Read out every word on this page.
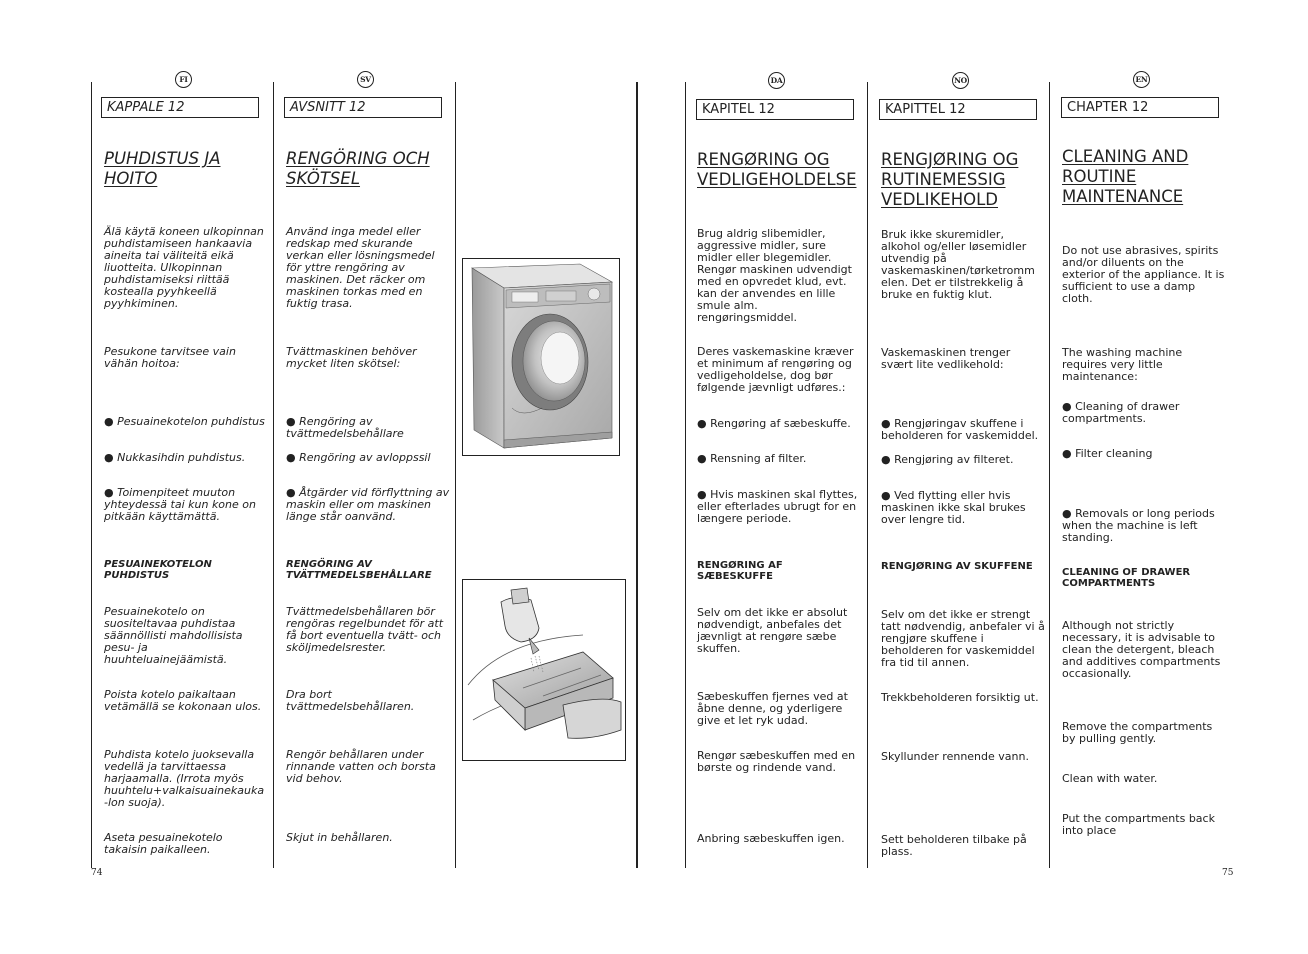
FI
KAPPALE 12
PUHDISTUS JA HOITO

Älä käytä koneen ulkopinnan puhdistamiseen hankaavia aineita tai väliteitä eikä liuotteita. Ulkopinnan puhdistamiseksi riittää kostealla pyyhkeellä pyyhkiminen.

Pesukone tarvitsee vain vähän hoitoa:

● Pesuainekotelon puhdistus

● Nukkasihdin puhdistus.

● Toimenpiteet muuton yhteydessä tai kun kone on pitkään käyttämättä.

PESUAINEKOTELON PUHDISTUS

Pesuainekotelo on suositeltavaa puhdistaa säännöllisti mahdollisista pesu- ja huuhteluainejäämistä.

Poista kotelo paikaltaan vetämällä se kokonaan ulos.

Puhdista kotelo juoksevalla vedellä ja tarvittaessa harjaamalla. (Irrota myös huuhtelu+valkaisuainekauka -lon suoja).

Aseta pesuainekotelo takaisin paikalleen.

SV
AVSNITT 12
RENGÖRING OCH SKÖTSEL

Använd inga medel eller redskap med skurande verkan eller lösningsmedel för yttre rengöring av maskinen. Det räcker om maskinen torkas med en fuktig trasa.

Tvättmaskinen behöver mycket liten skötsel:

● Rengöring av tvättmedelsbehållare

● Rengöring av avloppssil

● Åtgärder vid förflyttning av maskin eller om maskinen länge står oanvänd.

RENGÖRING AV TVÄTTMEDELSBEHÅLLARE

Tvättmedelsbehållaren bör rengöras regelbundet för att få bort eventuella tvätt- och sköljmedelsrester.

Dra bort tvättmedelsbehållaren.

Rengör behållaren under rinnande vatten och borsta vid behov.

Skjut in behållaren.

DA
KAPITEL 12
RENGØRING OG VEDLIGEHOLDELSE

Brug aldrig slibemidler, aggressive midler, sure midler eller blegemidler. Rengør maskinen udvendigt med en opvredet klud, evt. kan der anvendes en lille smule alm. rengøringsmiddel.

Deres vaskemaskine kræver et minimum af rengøring og vedligeholdelse, dog bør følgende jævnligt udføres.:

● Rengøring af sæbeskuffe.

● Rensning af filter.

● Hvis maskinen skal flyttes, eller efterlades ubrugt for en længere periode.

RENGØRING AF SÆBESKUFFE

Selv om det ikke er absolut nødvendigt, anbefales det jævnligt at rengøre sæbe skuffen.

Sæbeskuffen fjernes ved at åbne denne, og yderligere give et let ryk udad.

Rengør sæbeskuffen med en børste og rindende vand.

Anbring sæbeskuffen igen.

NO
KAPITTEL 12
RENGJØRING OG RUTINEMESSIG VEDLIKEHOLD

Bruk ikke skuremidler, alkohol og/eller løsemidler utvendig på vaskemaskinen/tørketromm elen. Det er tilstrekkelig å bruke en fuktig klut.

Vaskemaskinen trenger svært lite vedlikehold:

● Rengjøringav skuffene i beholderen for vaskemiddel.

● Rengjøring av filteret.

● Ved flytting eller hvis maskinen ikke skal brukes over lengre tid.

RENGJØRING AV SKUFFENE

Selv om det ikke er strengt tatt nødvendig, anbefaler vi å rengjøre skuffene i beholderen for vaskemiddel fra tid til annen.

Trekkbeholderen forsiktig ut.

Skyllunder rennende vann.

Sett beholderen tilbake på plass.

EN
CHAPTER 12
CLEANING AND ROUTINE MAINTENANCE

Do not use abrasives, spirits and/or diluents on the exterior of the appliance. It is sufficient to use a damp cloth.

The washing machine requires very little maintenance:

● Cleaning of drawer compartments.

● Filter cleaning

● Removals or long periods when the machine is left standing.

CLEANING OF DRAWER COMPARTMENTS

Although not strictly necessary, it is advisable to clean the detergent, bleach and additives compartments occasionally.

Remove the compartments by pulling gently.

Clean with water.

Put the compartments back into place

74	75
